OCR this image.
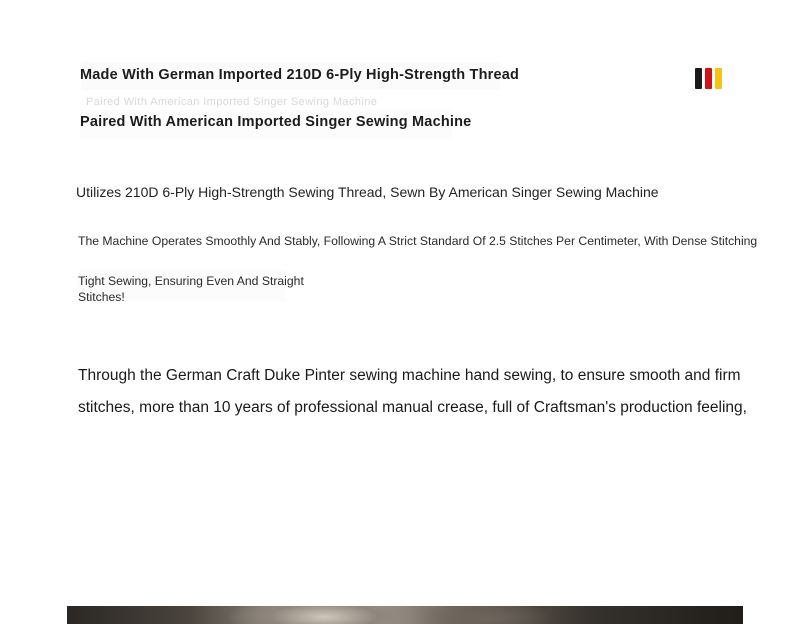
Paired With American Imported Singer Sewing Machine
Made With German Imported 210D 6-Ply High-Strength Thread
Paired With American Imported Singer Sewing Machine
Utilizes 210D 6-Ply High-Strength Sewing Thread, Sewn By American Singer Sewing Machine
The Machine Operates Smoothly And Stably, Following A Strict Standard Of 2.5 Stitches Per Centimeter, With Dense Stitching
Tight Sewing, Ensuring Even And Straight Stitches!
Through the German Craft Duke Pinter sewing machine hand sewing, to ensure smooth and firm stitches, more than 10 years of professional manual crease, full of Craftsman's production feeling,
